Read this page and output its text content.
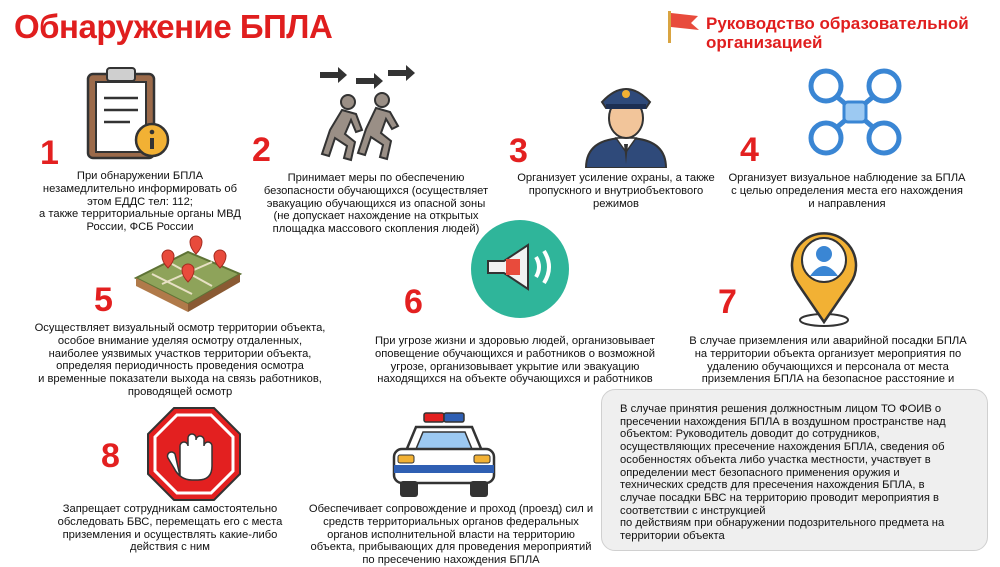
Обнаружение БПЛА	Руководство образовательной организацией
1
При обнаружении БПЛА
незамедлительно информировать об
этом ЕДДС тел: 112;
а также территориальные органы МВД
России, ФСБ России
2
Принимает меры по обеспечению
безопасности обучающихся (осуществляет
эвакуацию обучающихся из опасной зоны
(не допускает нахождение на открытых
площадка массового скопления людей)
3
Организует усиление охраны, а также
пропускного и внутриобъектового
режимов
4
Организует визуальное наблюдение за БПЛА
с целью определения места его нахождения
и направления
5
Осуществляет визуальный осмотр территории объекта,
особое внимание уделяя осмотру отдаленных,
наиболее уязвимых участков территории объекта,
определяя периодичность проведения осмотра
и временные показатели выхода на связь работников,
проводящей осмотр
6
При угрозе жизни и здоровью людей, организовывает
оповещение обучающихся и работников о возможной
угрозе, организовывает укрытие или эвакуацию
находящихся на объекте обучающихся и работников
7
В случае приземления или аварийной посадки БПЛА
на территории объекта организует мероприятия по
удалению обучающихся и персонала от места
приземления БПЛА на безопасное расстояние и
8
Запрещает сотрудникам самостоятельно
обследовать БВС, перемещать его с места
приземления и осуществлять какие-либо
действия с ним
Обеспечивает сопровождение и проход (проезд) сил и
средств территориальных органов федеральных
органов исполнительной власти на территорию
объекта, прибывающих для проведения мероприятий
по пресечению нахождения БПЛА
В случае принятия решения должностным лицом ТО ФОИВ о
пресечении нахождения БПЛА в воздушном пространстве над
объектом: Руководитель доводит до сотрудников,
осуществляющих пресечение нахождения БПЛА, сведения об
особенностях объекта либо участка местности, участвует в
определении мест безопасного применения оружия и
технических средств для пресечения нахождения БПЛА, в
случае посадки БВС на территорию проводит мероприятия в
соответствии с инструкцией
по действиям при обнаружении подозрительного предмета на
территории объекта
